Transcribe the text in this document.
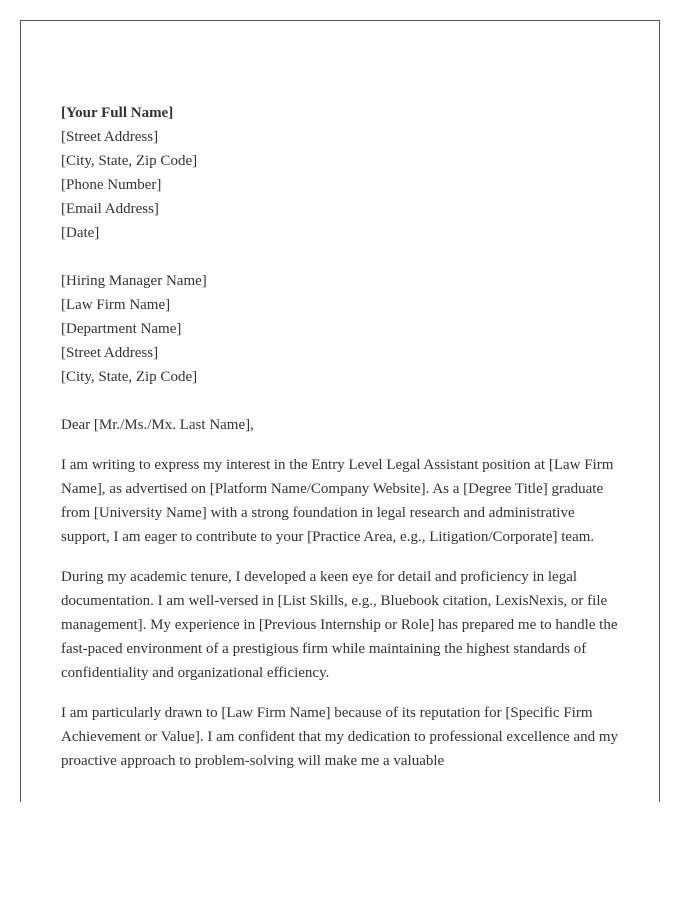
[Your Full Name]
[Street Address]
[City, State, Zip Code]
[Phone Number]
[Email Address]
[Date]
[Hiring Manager Name]
[Law Firm Name]
[Department Name]
[Street Address]
[City, State, Zip Code]
Dear [Mr./Ms./Mx. Last Name],

I am writing to express my interest in the Entry Level Legal Assistant position at [Law Firm Name], as advertised on [Platform Name/Company Website]. As a [Degree Title] graduate from [University Name] with a strong foundation in legal research and administrative support, I am eager to contribute to your [Practice Area, e.g., Litigation/Corporate] team.

During my academic tenure, I developed a keen eye for detail and proficiency in legal documentation. I am well-versed in [List Skills, e.g., Bluebook citation, LexisNexis, or file management]. My experience in [Previous Internship or Role] has prepared me to handle the fast-paced environment of a prestigious firm while maintaining the highest standards of confidentiality and organizational efficiency.

I am particularly drawn to [Law Firm Name] because of its reputation for [Specific Firm Achievement or Value]. I am confident that my dedication to professional excellence and my proactive approach to problem-solving will make me a valuable
